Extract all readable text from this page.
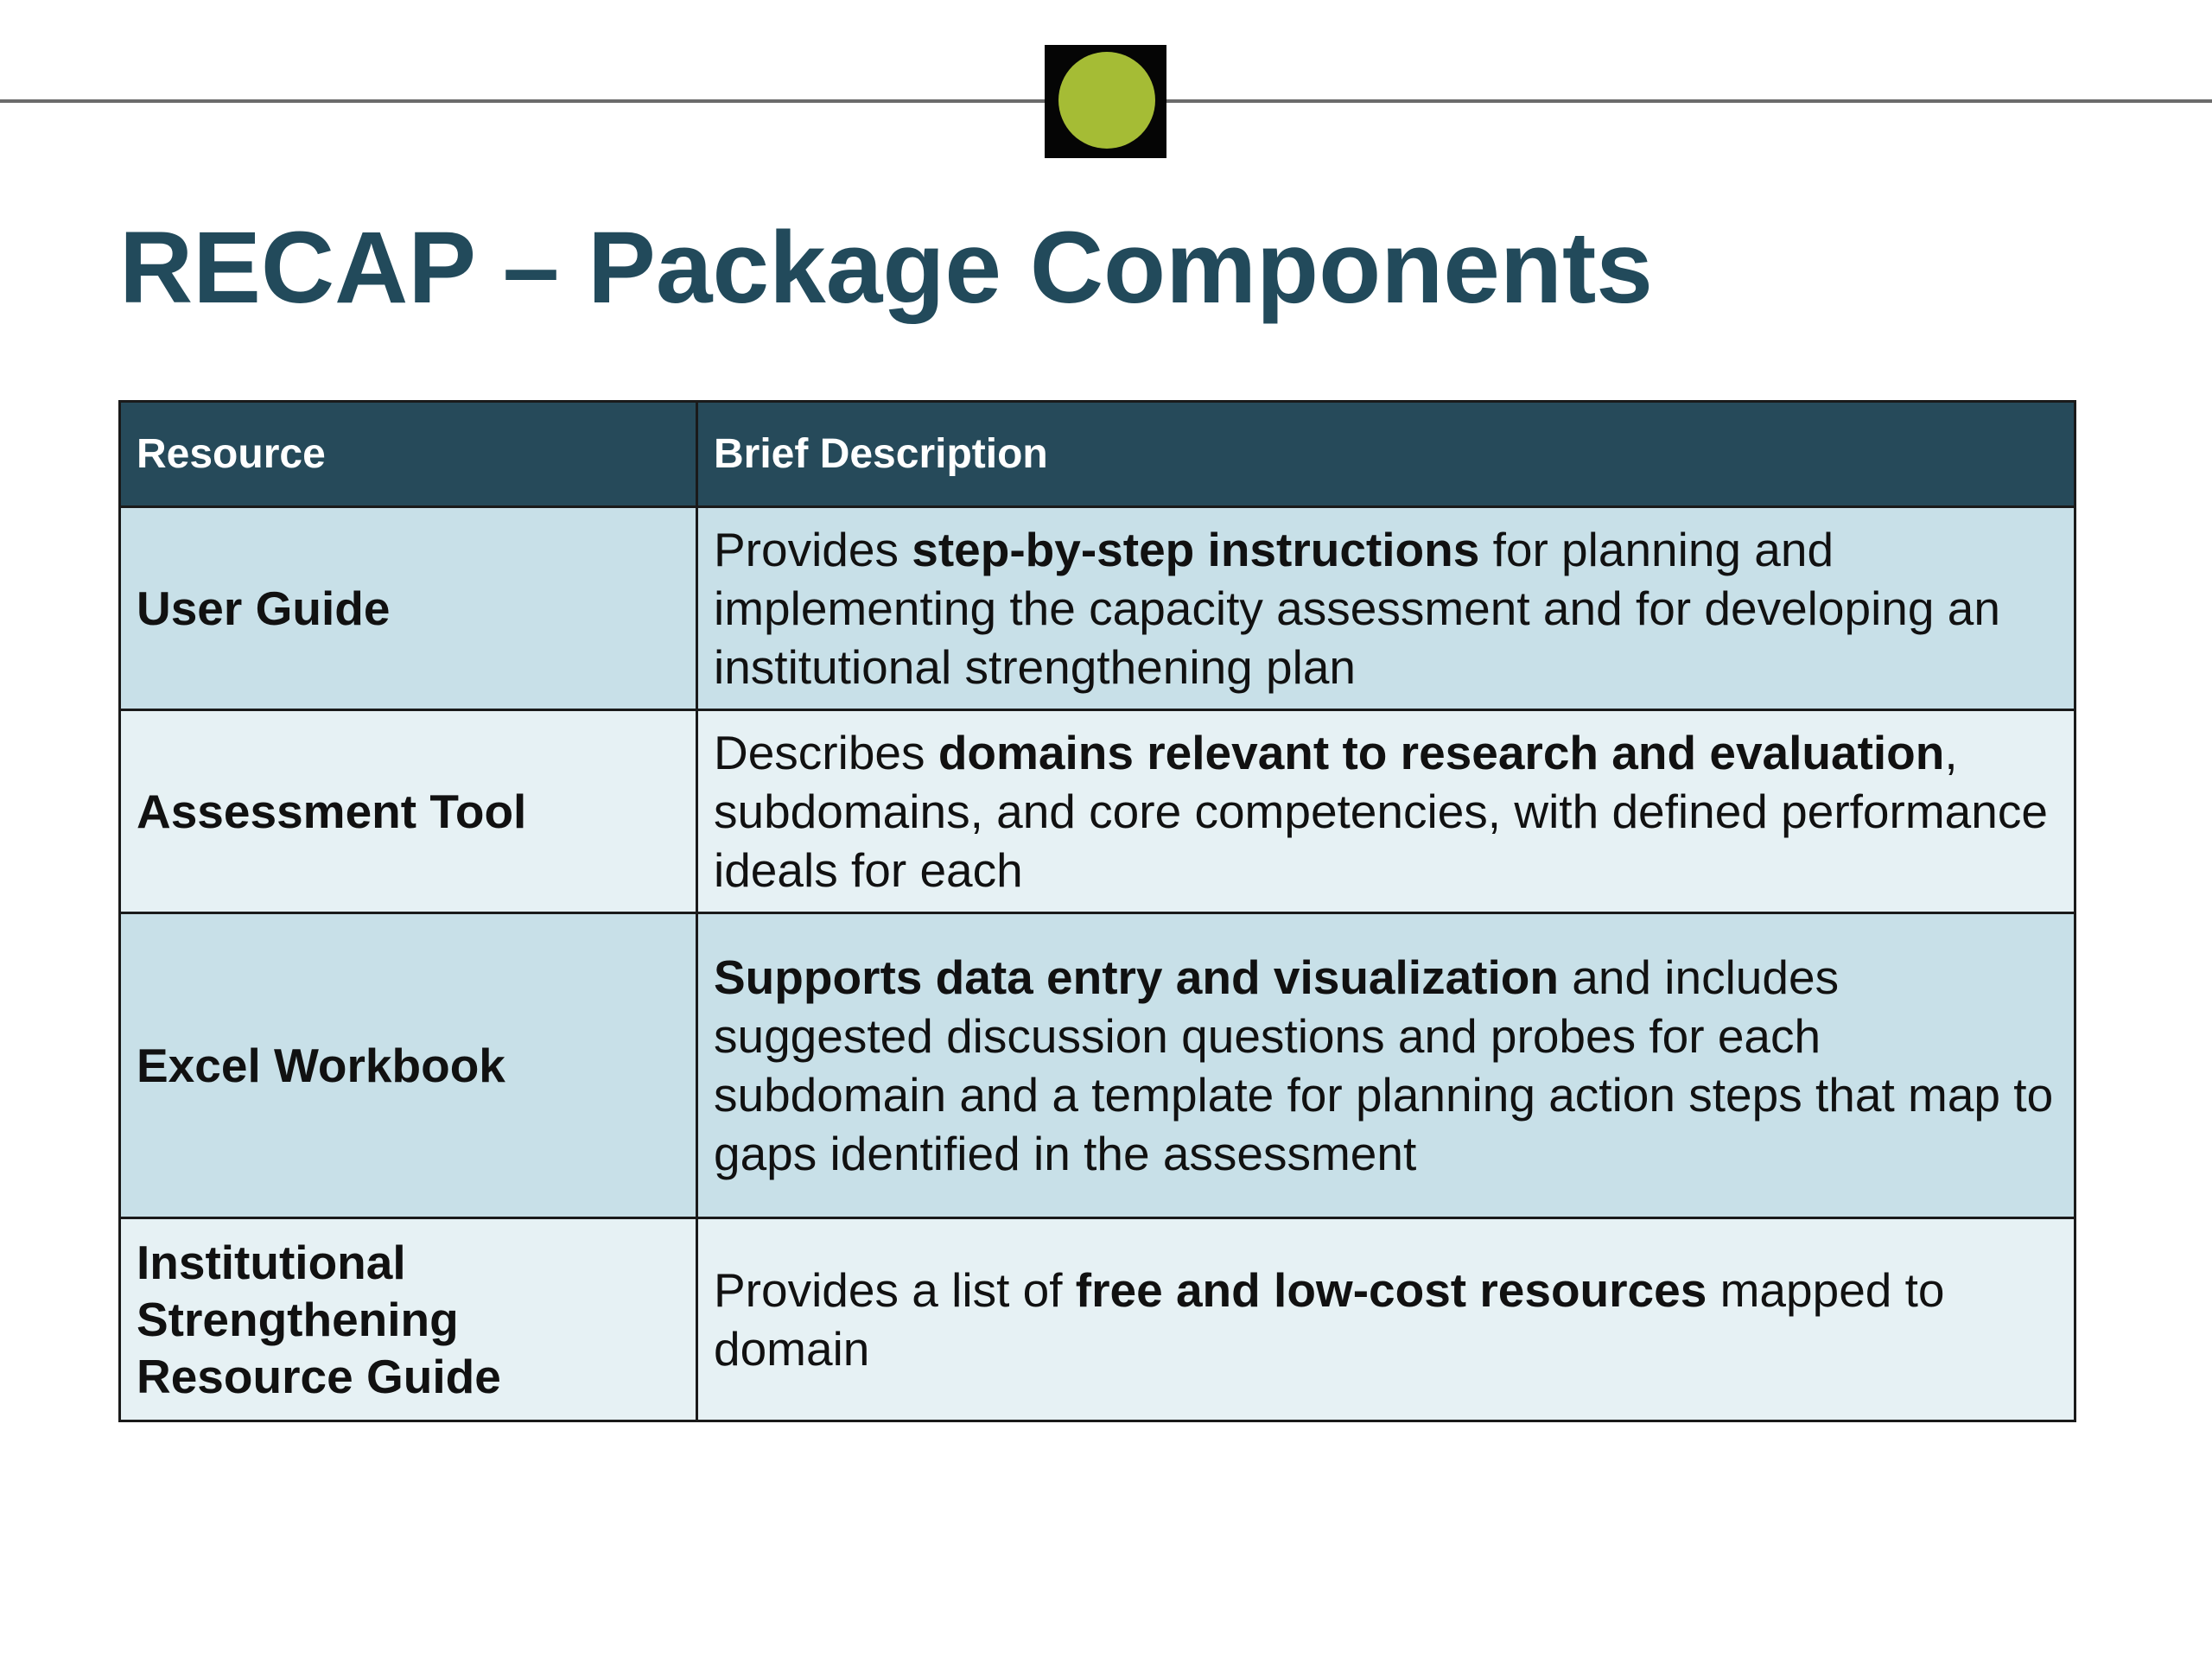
RECAP – Package Components
Resource	Brief Description
User Guide	Provides step-by-step instructions for planning and implementing the capacity assessment and for developing an institutional strengthening plan
Assessment Tool	Describes domains relevant to research and evaluation, subdomains, and core competencies, with defined performance ideals for each
Excel Workbook	Supports data entry and visualization and includes suggested discussion questions and probes for each subdomain and a template for planning action steps that map to gaps identified in the assessment
Institutional Strengthening Resource Guide	Provides a list of free and low-cost resources mapped to domain
